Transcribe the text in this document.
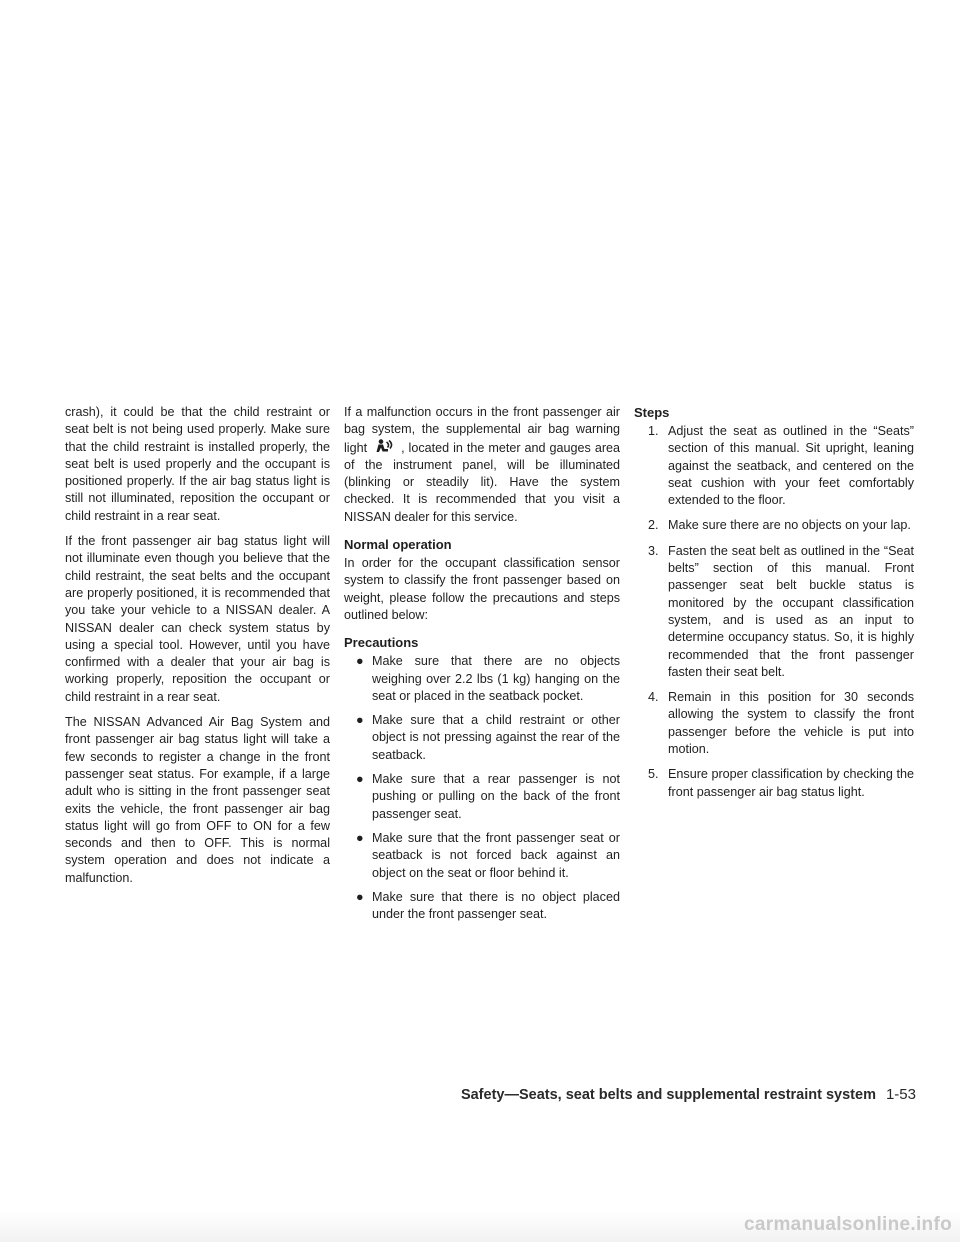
crash), it could be that the child restraint or seat belt is not being used properly. Make sure that the child restraint is installed properly, the seat belt is used properly and the occupant is positioned properly. If the air bag status light is still not illuminated, reposition the occupant or child restraint in a rear seat.

If the front passenger air bag status light will not illuminate even though you believe that the child restraint, the seat belts and the occupant are properly positioned, it is recommended that you take your vehicle to a NISSAN dealer. A NISSAN dealer can check system status by using a special tool. However, until you have confirmed with a dealer that your air bag is working properly, reposition the occupant or child restraint in a rear seat.

The NISSAN Advanced Air Bag System and front passenger air bag status light will take a few seconds to register a change in the front passenger seat status. For example, if a large adult who is sitting in the front passenger seat exits the vehicle, the front passenger air bag status light will go from OFF to ON for a few seconds and then to OFF. This is normal system operation and does not indicate a malfunction.

If a malfunction occurs in the front passenger air bag system, the supplemental air bag warning light	, located in the meter and gauges area of the instrument panel, will be illuminated (blinking or steadily lit). Have the system checked. It is recommended that you visit a NISSAN dealer for this service.

Normal operation

In order for the occupant classification sensor system to classify the front passenger based on weight, please follow the precautions and steps outlined below:

Precautions
● Make sure that there are no objects weighing over 2.2 lbs (1 kg) hanging on the seat or placed in the seatback pocket.
● Make sure that a child restraint or other object is not pressing against the rear of the seatback.
● Make sure that a rear passenger is not pushing or pulling on the back of the front passenger seat.
● Make sure that the front passenger seat or seatback is not forced back against an object on the seat or floor behind it.
● Make sure that there is no object placed under the front passenger seat.
Steps
1. Adjust the seat as outlined in the “Seats” section of this manual. Sit upright, leaning against the seatback, and centered on the seat cushion with your feet comfortably extended to the floor.
2. Make sure there are no objects on your lap.
3. Fasten the seat belt as outlined in the “Seat belts” section of this manual. Front passenger seat belt buckle status is monitored by the occupant classification system, and is used as an input to determine occupancy status. So, it is highly recommended that the front passenger fasten their seat belt.
4. Remain in this position for 30 seconds allowing the system to classify the front passenger before the vehicle is put into motion.
5. Ensure proper classification by checking the front passenger air bag status light.
Safety—Seats, seat belts and supplemental restraint system 1-53
carmanualsonline.info
